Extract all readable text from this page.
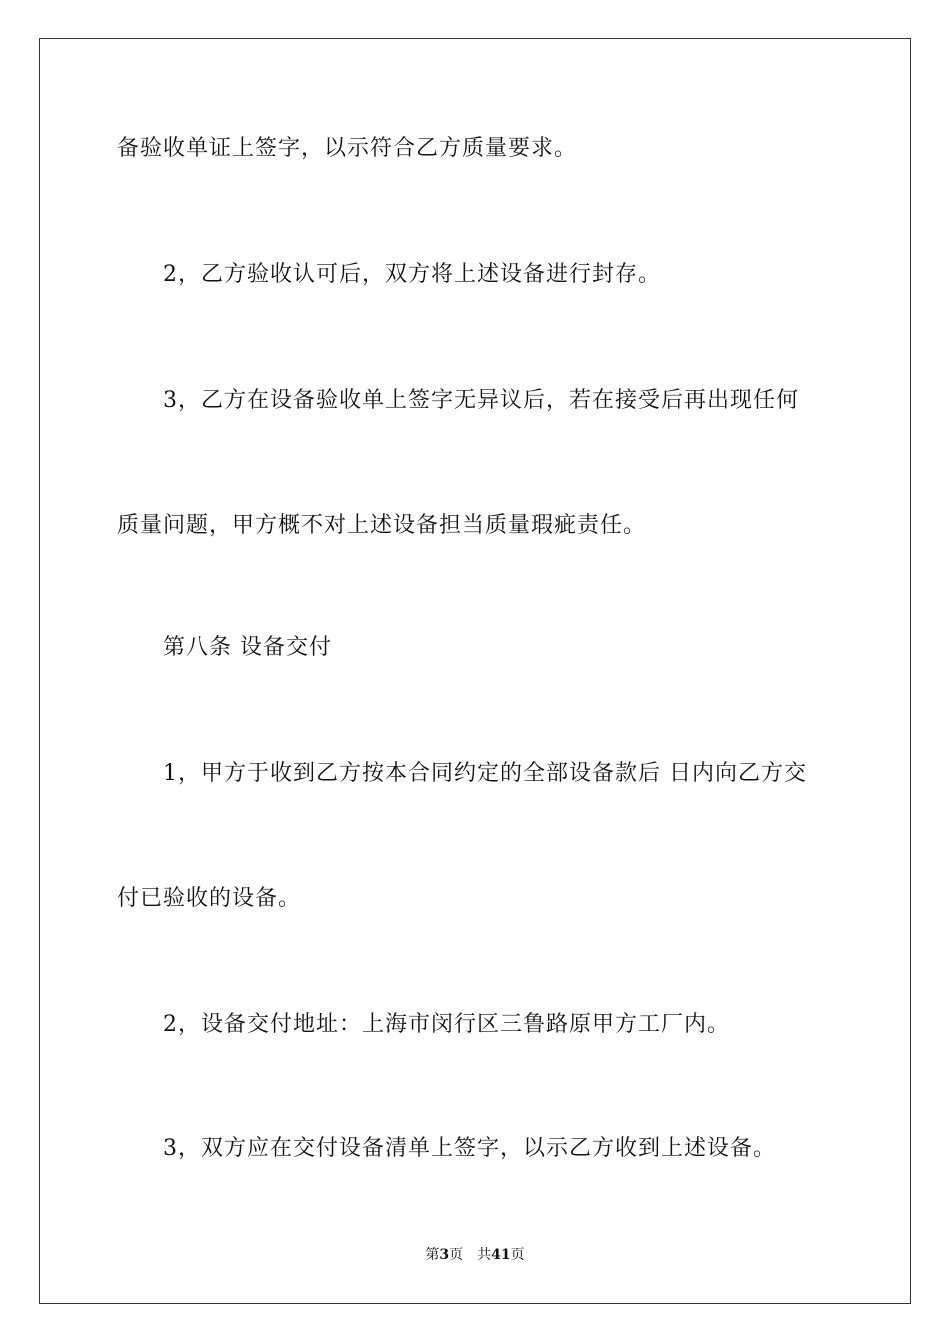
备验收单证上签字，以示符合乙方质量要求。
2，乙方验收认可后，双方将上述设备进行封存。
3，乙方在设备验收单上签字无异议后，若在接受后再出现任何
质量问题，甲方概不对上述设备担当质量瑕疵责任。
第八条 设备交付
1，甲方于收到乙方按本合同约定的全部设备款后 日内向乙方交
付已验收的设备。
2，设备交付地址：上海市闵行区三鲁路原甲方工厂内。
3，双方应在交付设备清单上签字，以示乙方收到上述设备。
第3页 共41页
